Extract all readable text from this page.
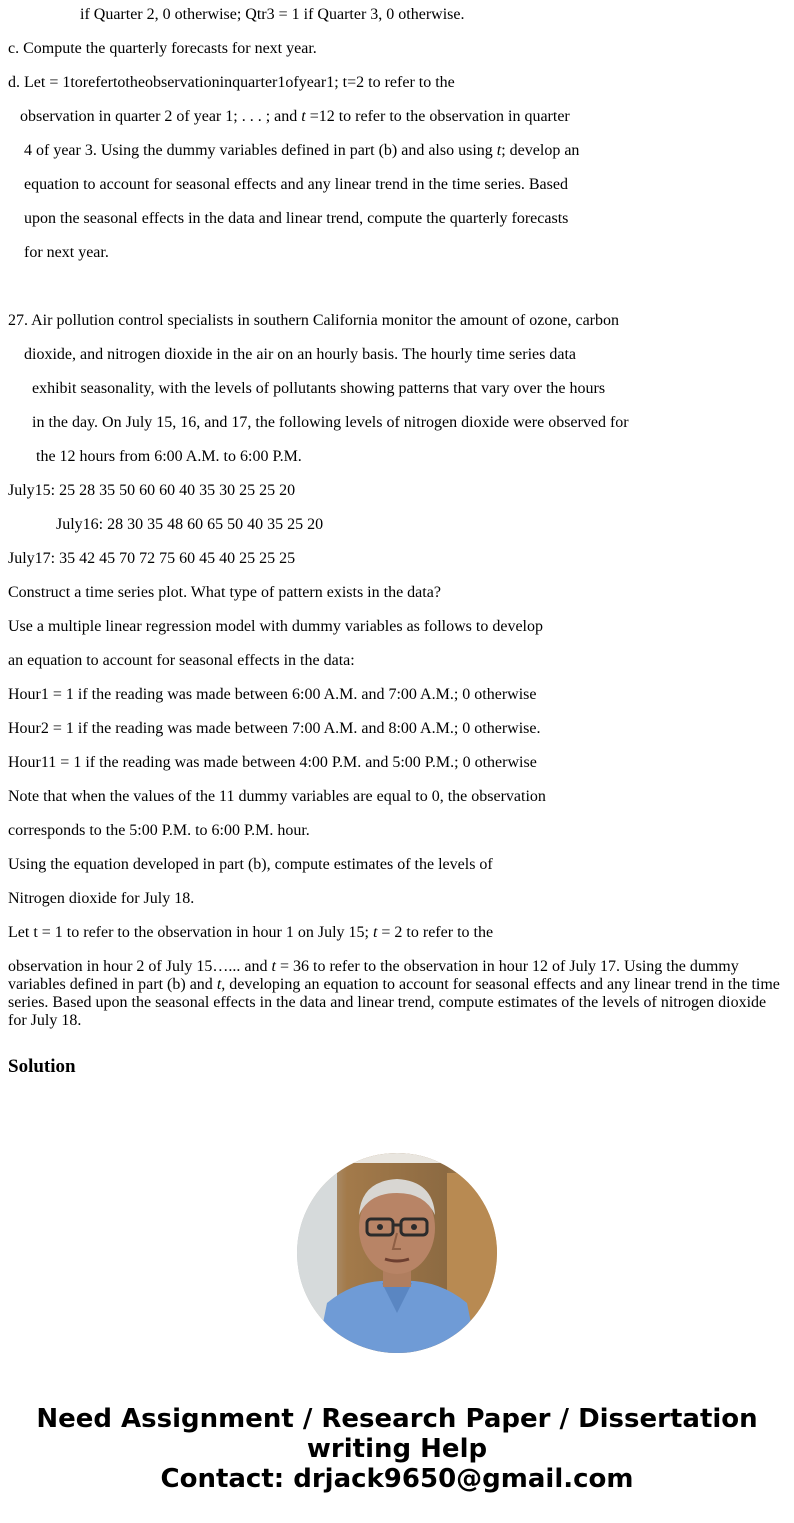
if Quarter 2, 0 otherwise; Qtr3 = 1 if Quarter 3, 0 otherwise.
c. Compute the quarterly forecasts for next year.
d. Let = 1torefertotheobservationinquarter1ofyear1; t=2 to refer to the
observation in quarter 2 of year 1; . . . ; and t =12 to refer to the observation in quarter
4 of year 3. Using the dummy variables defined in part (b) and also using t; develop an
equation to account for seasonal effects and any linear trend in the time series. Based
upon the seasonal effects in the data and linear trend, compute the quarterly forecasts
for next year.
27. Air pollution control specialists in southern California monitor the amount of ozone, carbon
dioxide, and nitrogen dioxide in the air on an hourly basis. The hourly time series data
exhibit seasonality, with the levels of pollutants showing patterns that vary over the hours
in the day. On July 15, 16, and 17, the following levels of nitrogen dioxide were observed for
the 12 hours from 6:00 A.M. to 6:00 P.M.
July15: 25 28 35 50 60 60 40 35 30 25 25 20
July16: 28 30 35 48 60 65 50 40 35 25 20
July17: 35 42 45 70 72 75 60 45 40 25 25 25
Construct a time series plot. What type of pattern exists in the data?
Use a multiple linear regression model with dummy variables as follows to develop
an equation to account for seasonal effects in the data:
Hour1 = 1 if the reading was made between 6:00 A.M. and 7:00 A.M.; 0 otherwise
Hour2 = 1 if the reading was made between 7:00 A.M. and 8:00 A.M.; 0 otherwise.
Hour11 = 1 if the reading was made between 4:00 P.M. and 5:00 P.M.; 0 otherwise
Note that when the values of the 11 dummy variables are equal to 0, the observation
corresponds to the 5:00 P.M. to 6:00 P.M. hour.
Using the equation developed in part (b), compute estimates of the levels of
Nitrogen dioxide for July 18.
Let t = 1 to refer to the observation in hour 1 on July 15; t = 2 to refer to the
observation in hour 2 of July 15…... and t = 36 to refer to the observation in hour 12 of July 17. Using the dummy variables defined in part (b) and t, developing an equation to account for seasonal effects and any linear trend in the time series. Based upon the seasonal effects in the data and linear trend, compute estimates of the levels of nitrogen dioxide for July 18.
Solution
Need Assignment / Research Paper / Dissertation
writing Help
Contact: drjack9650@gmail.com
